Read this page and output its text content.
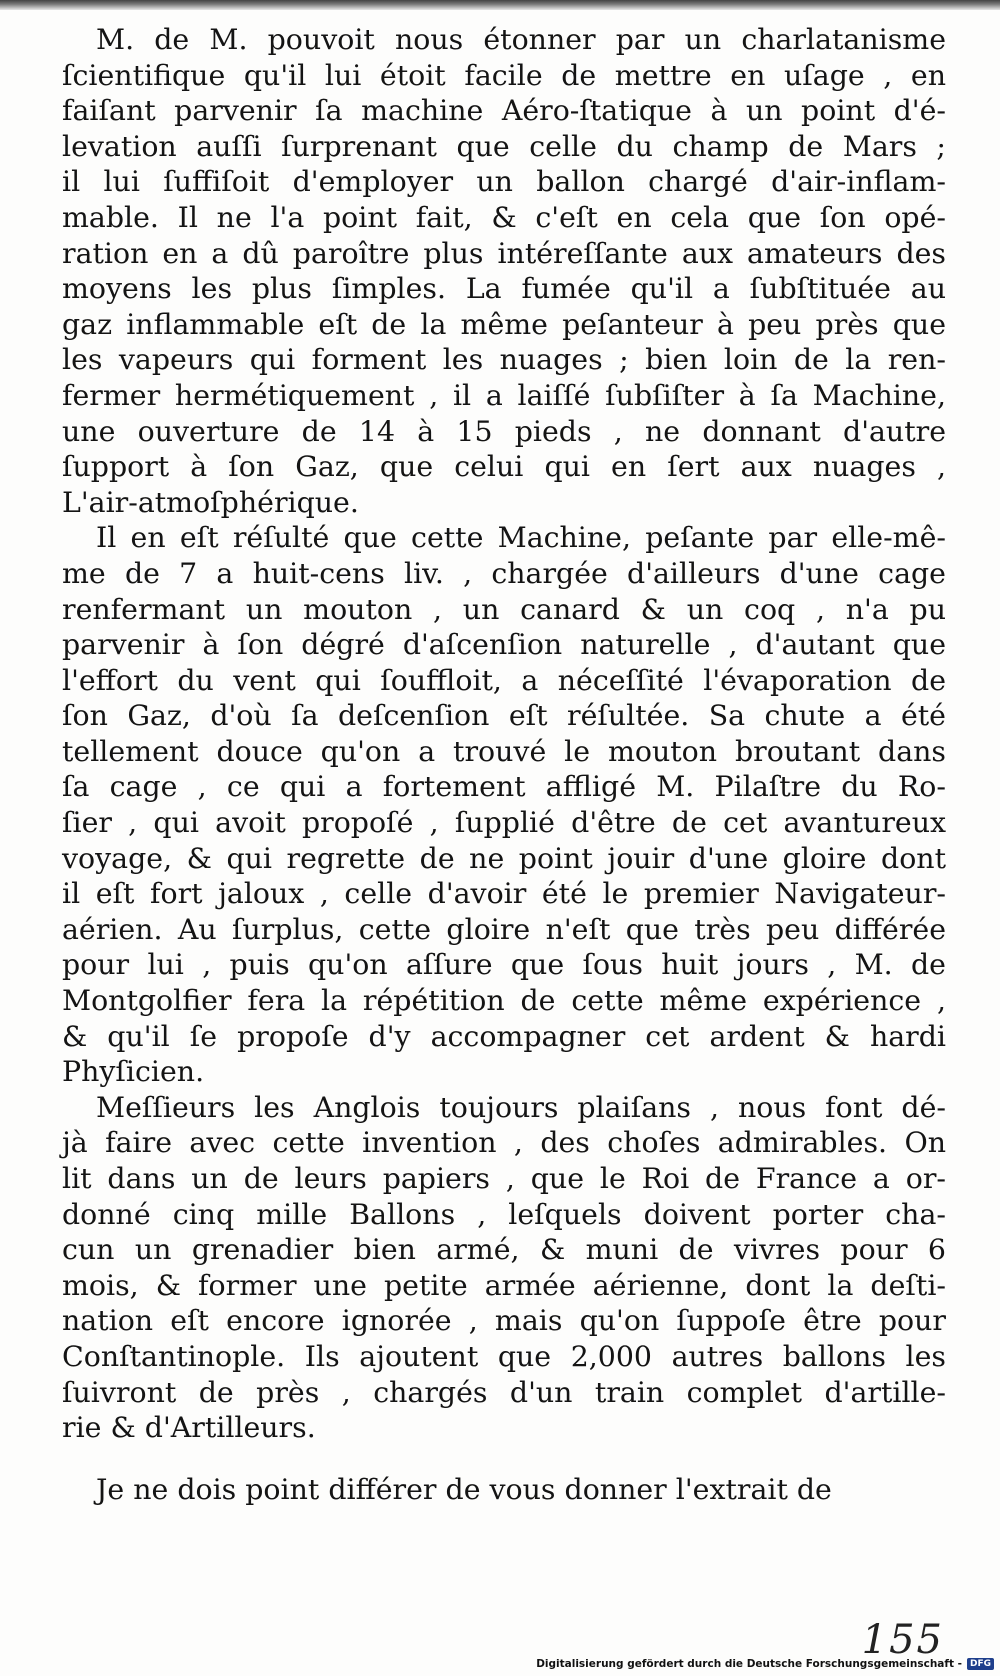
M. de M. pouvoit nous étonner par un charlatanisme
ſcientifique qu'il lui étoit facile de mettre en uſage , en
faiſant parvenir ſa machine Aéro-ſtatique à un point d'é-
levation auſſi ſurprenant que celle du champ de Mars ;
il lui ſuffiſoit d'employer un ballon chargé d'air-inflam-
mable. Il ne l'a point fait, & c'eſt en cela que ſon opé-
ration en a dû paroître plus intéreſſante aux amateurs des
moyens les plus ſimples. La fumée qu'il a ſubſtituée au
gaz inflammable eſt de la même peſanteur à peu près que
les vapeurs qui forment les nuages ; bien loin de la ren-
fermer hermétiquement , il a laiſſé ſubſiſter à ſa Machine,
une ouverture de 14 à 15 pieds , ne donnant d'autre
ſupport à ſon Gaz, que celui qui en ſert aux nuages ,
L'air-atmoſphérique.
Il en eſt réſulté que cette Machine, peſante par elle-mê-
me de 7 a huit-cens liv. , chargée d'ailleurs d'une cage
renfermant un mouton , un canard & un coq , n'a pu
parvenir à ſon dégré d'aſcenſion naturelle , d'autant que
l'effort du vent qui ſouffloit, a néceſſité l'évaporation de
ſon Gaz, d'où ſa deſcenſion eſt réſultée. Sa chute a été
tellement douce qu'on a trouvé le mouton broutant dans
ſa cage , ce qui a fortement affligé M. Pilaſtre du Ro-
ſier , qui avoit propoſé , ſupplié d'être de cet avantureux
voyage, & qui regrette de ne point jouir d'une gloire dont
il eſt fort jaloux , celle d'avoir été le premier Navigateur-
aérien. Au ſurplus, cette gloire n'eſt que très peu différée
pour lui , puis qu'on aſſure que ſous huit jours , M. de
Montgolfier fera la répétition de cette même expérience ,
& qu'il ſe propoſe d'y accompagner cet ardent & hardi
Phyſicien.
Meſſieurs les Anglois toujours plaiſans , nous font dé-
jà faire avec cette invention , des choſes admirables. On
lit dans un de leurs papiers , que le Roi de France a or-
donné cinq mille Ballons , leſquels doivent porter cha-
cun un grenadier bien armé, & muni de vivres pour 6
mois, & former une petite armée aérienne, dont la deſti-
nation eſt encore ignorée , mais qu'on ſuppoſe être pour
Conſtantinople. Ils ajoutent que 2,000 autres ballons les
ſuivront de près , chargés d'un train complet d'artille-
rie & d'Artilleurs.
Je ne dois point différer de vous donner l'extrait de
155
Digitalisierung gefördert durch die Deutsche Forschungsgemeinschaft - DFG
